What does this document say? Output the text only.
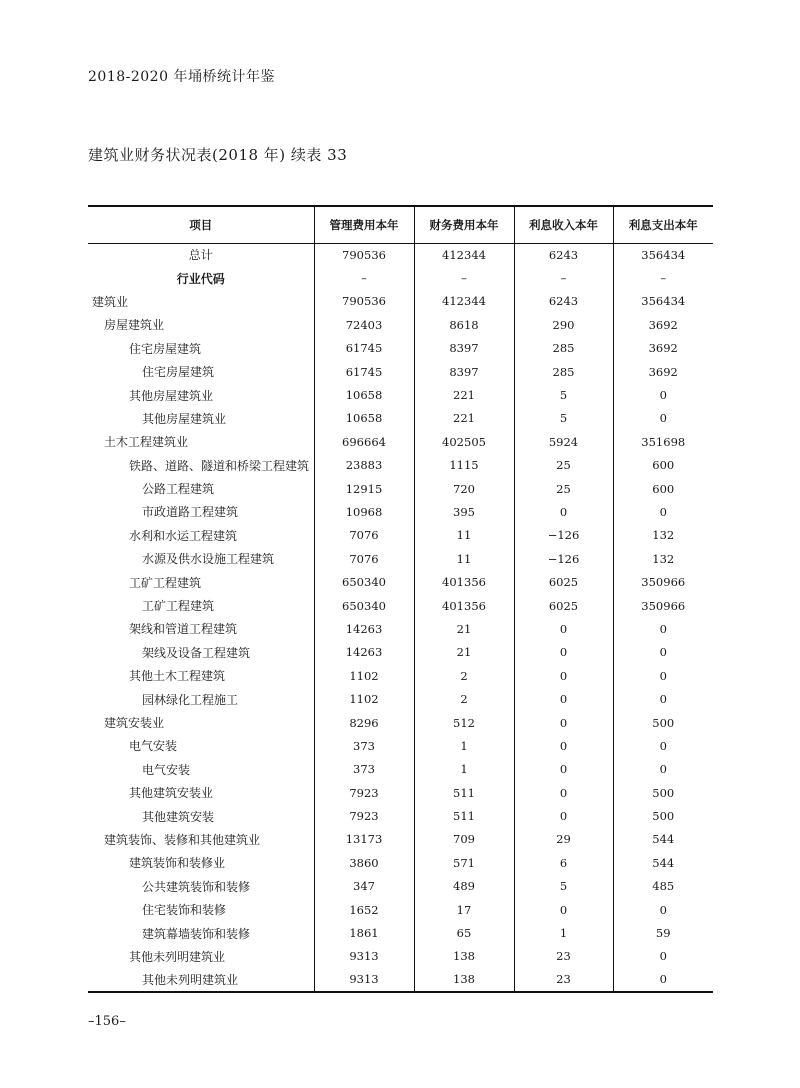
2018-2020 年埇桥统计年鉴
建筑业财务状况表(2018 年) 续表 33
项目	管理费用本年	财务费用本年	利息收入本年	利息支出本年
总计	790536	412344	6243	356434
行业代码	–	–	–	–
建筑业	790536	412344	6243	356434
房屋建筑业	72403	8618	290	3692
住宅房屋建筑	61745	8397	285	3692
住宅房屋建筑	61745	8397	285	3692
其他房屋建筑业	10658	221	5	0
其他房屋建筑业	10658	221	5	0
土木工程建筑业	696664	402505	5924	351698
铁路、道路、隧道和桥梁工程建筑	23883	1115	25	600
公路工程建筑	12915	720	25	600
市政道路工程建筑	10968	395	0	0
水利和水运工程建筑	7076	11	−126	132
水源及供水设施工程建筑	7076	11	−126	132
工矿工程建筑	650340	401356	6025	350966
工矿工程建筑	650340	401356	6025	350966
架线和管道工程建筑	14263	21	0	0
架线及设备工程建筑	14263	21	0	0
其他土木工程建筑	1102	2	0	0
园林绿化工程施工	1102	2	0	0
建筑安装业	8296	512	0	500
电气安装	373	1	0	0
电气安装	373	1	0	0
其他建筑安装业	7923	511	0	500
其他建筑安装	7923	511	0	500
建筑装饰、装修和其他建筑业	13173	709	29	544
建筑装饰和装修业	3860	571	6	544
公共建筑装饰和装修	347	489	5	485
住宅装饰和装修	1652	17	0	0
建筑幕墙装饰和装修	1861	65	1	59
其他未列明建筑业	9313	138	23	0
其他未列明建筑业	9313	138	23	0
–156–
